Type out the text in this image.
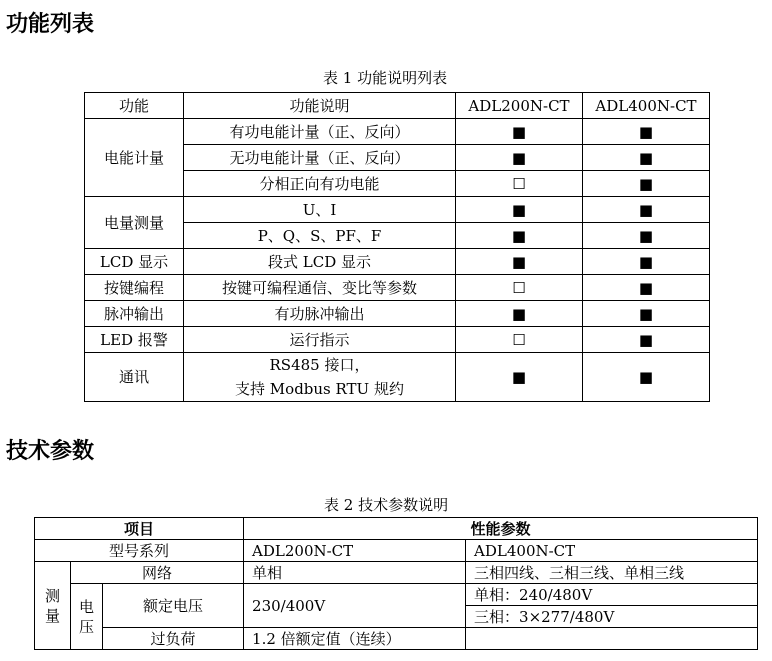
功能列表
表 1 功能说明列表
功能	功能说明	ADL200N-CT	ADL400N-CT
电能计量	有功电能计量（正、反向）	■	■
	无功电能计量（正、反向）	■	■
	分相正向有功电能	☐	■
电量测量	U、I	■	■
	P、Q、S、PF、F	■	■
LCD 显示	段式 LCD 显示	■	■
按键编程	按键可编程通信、变比等参数	☐	■
脉冲输出	有功脉冲输出	■	■
LED 报警	运行指示	☐	■
通讯	RS485 接口，
支持 Modbus RTU 规约	■	■
技术参数
表 2 技术参数说明
项目			性能参数	
型号系列			ADL200N-CT	ADL400N-CT

测量	网络		单相	三相四线、三相三线、单相三线

	电压	额定电压	230/400V	单相：240/480V
				三相：3×277/480V
		过负荷	1.2 倍额定值（连续）	
